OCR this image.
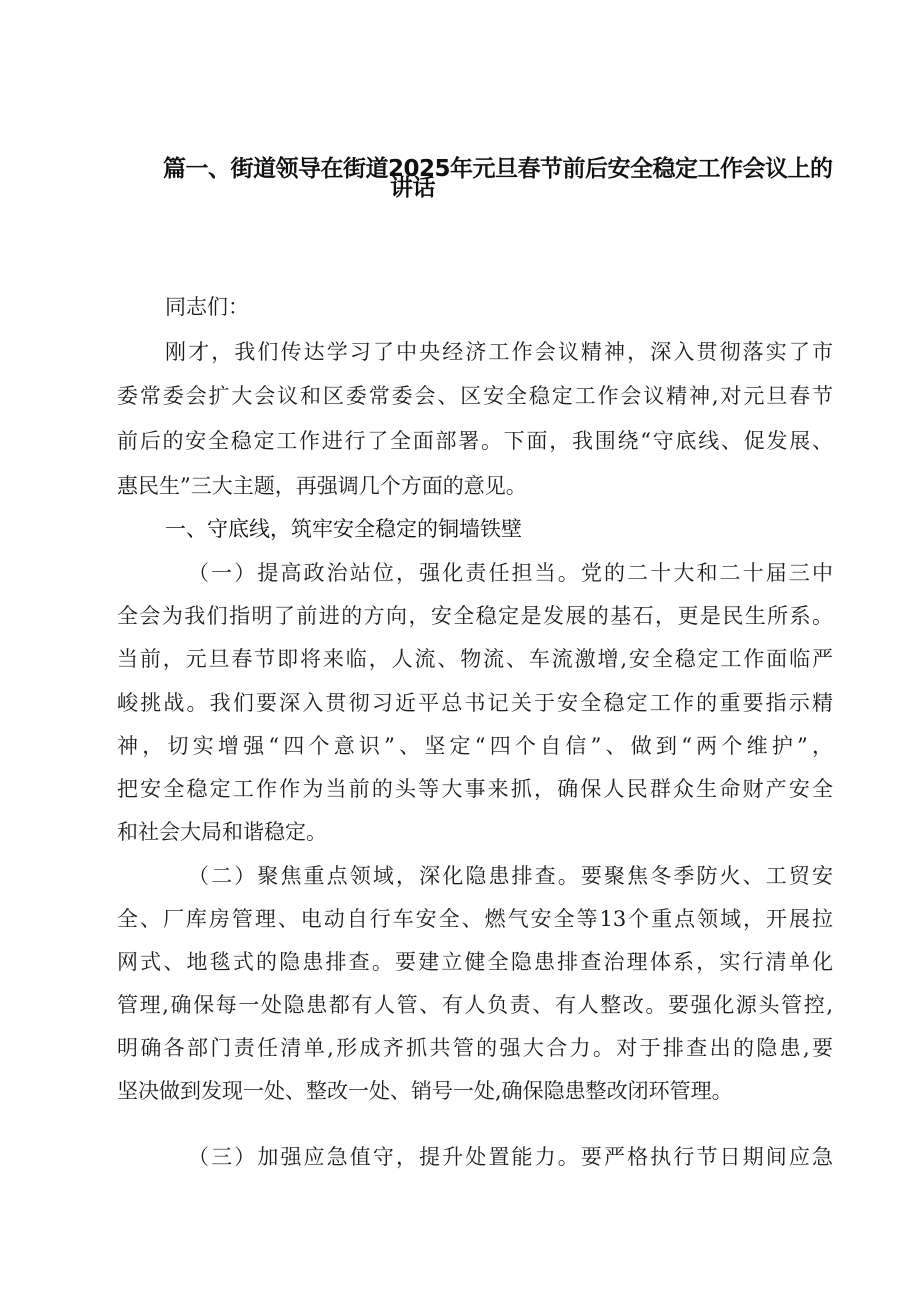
篇一、街道领导在街道2025年元旦春节前后安全稳定工作会议上的
讲话
同志们：
刚才，我们传达学习了中央经济工作会议精神，深入贯彻落实了市
委常委会扩大会议和区委常委会、区安全稳定工作会议精神,对元旦春节
前后的安全稳定工作进行了全面部署。下面，我围绕“守底线、促发展、
惠民生”三大主题，再强调几个方面的意见。
一、守底线，筑牢安全稳定的铜墙铁壁
（一）提高政治站位，强化责任担当。党的二十大和二十届三中
全会为我们指明了前进的方向，安全稳定是发展的基石，更是民生所系。
当前，元旦春节即将来临，人流、物流、车流激增,安全稳定工作面临严
峻挑战。我们要深入贯彻习近平总书记关于安全稳定工作的重要指示精
神，切实增强“四个意识”、坚定“四个自信”、做到“两个维护”，
把安全稳定工作作为当前的头等大事来抓，确保人民群众生命财产安全
和社会大局和谐稳定。
（二）聚焦重点领域，深化隐患排查。要聚焦冬季防火、工贸安
全、厂库房管理、电动自行车安全、燃气安全等13个重点领域，开展拉
网式、地毯式的隐患排查。要建立健全隐患排查治理体系，实行清单化
管理,确保每一处隐患都有人管、有人负责、有人整改。要强化源头管控,
明确各部门责任清单,形成齐抓共管的强大合力。对于排查出的隐患,要
坚决做到发现一处、整改一处、销号一处,确保隐患整改闭环管理。
（三）加强应急值守，提升处置能力。要严格执行节日期间应急
